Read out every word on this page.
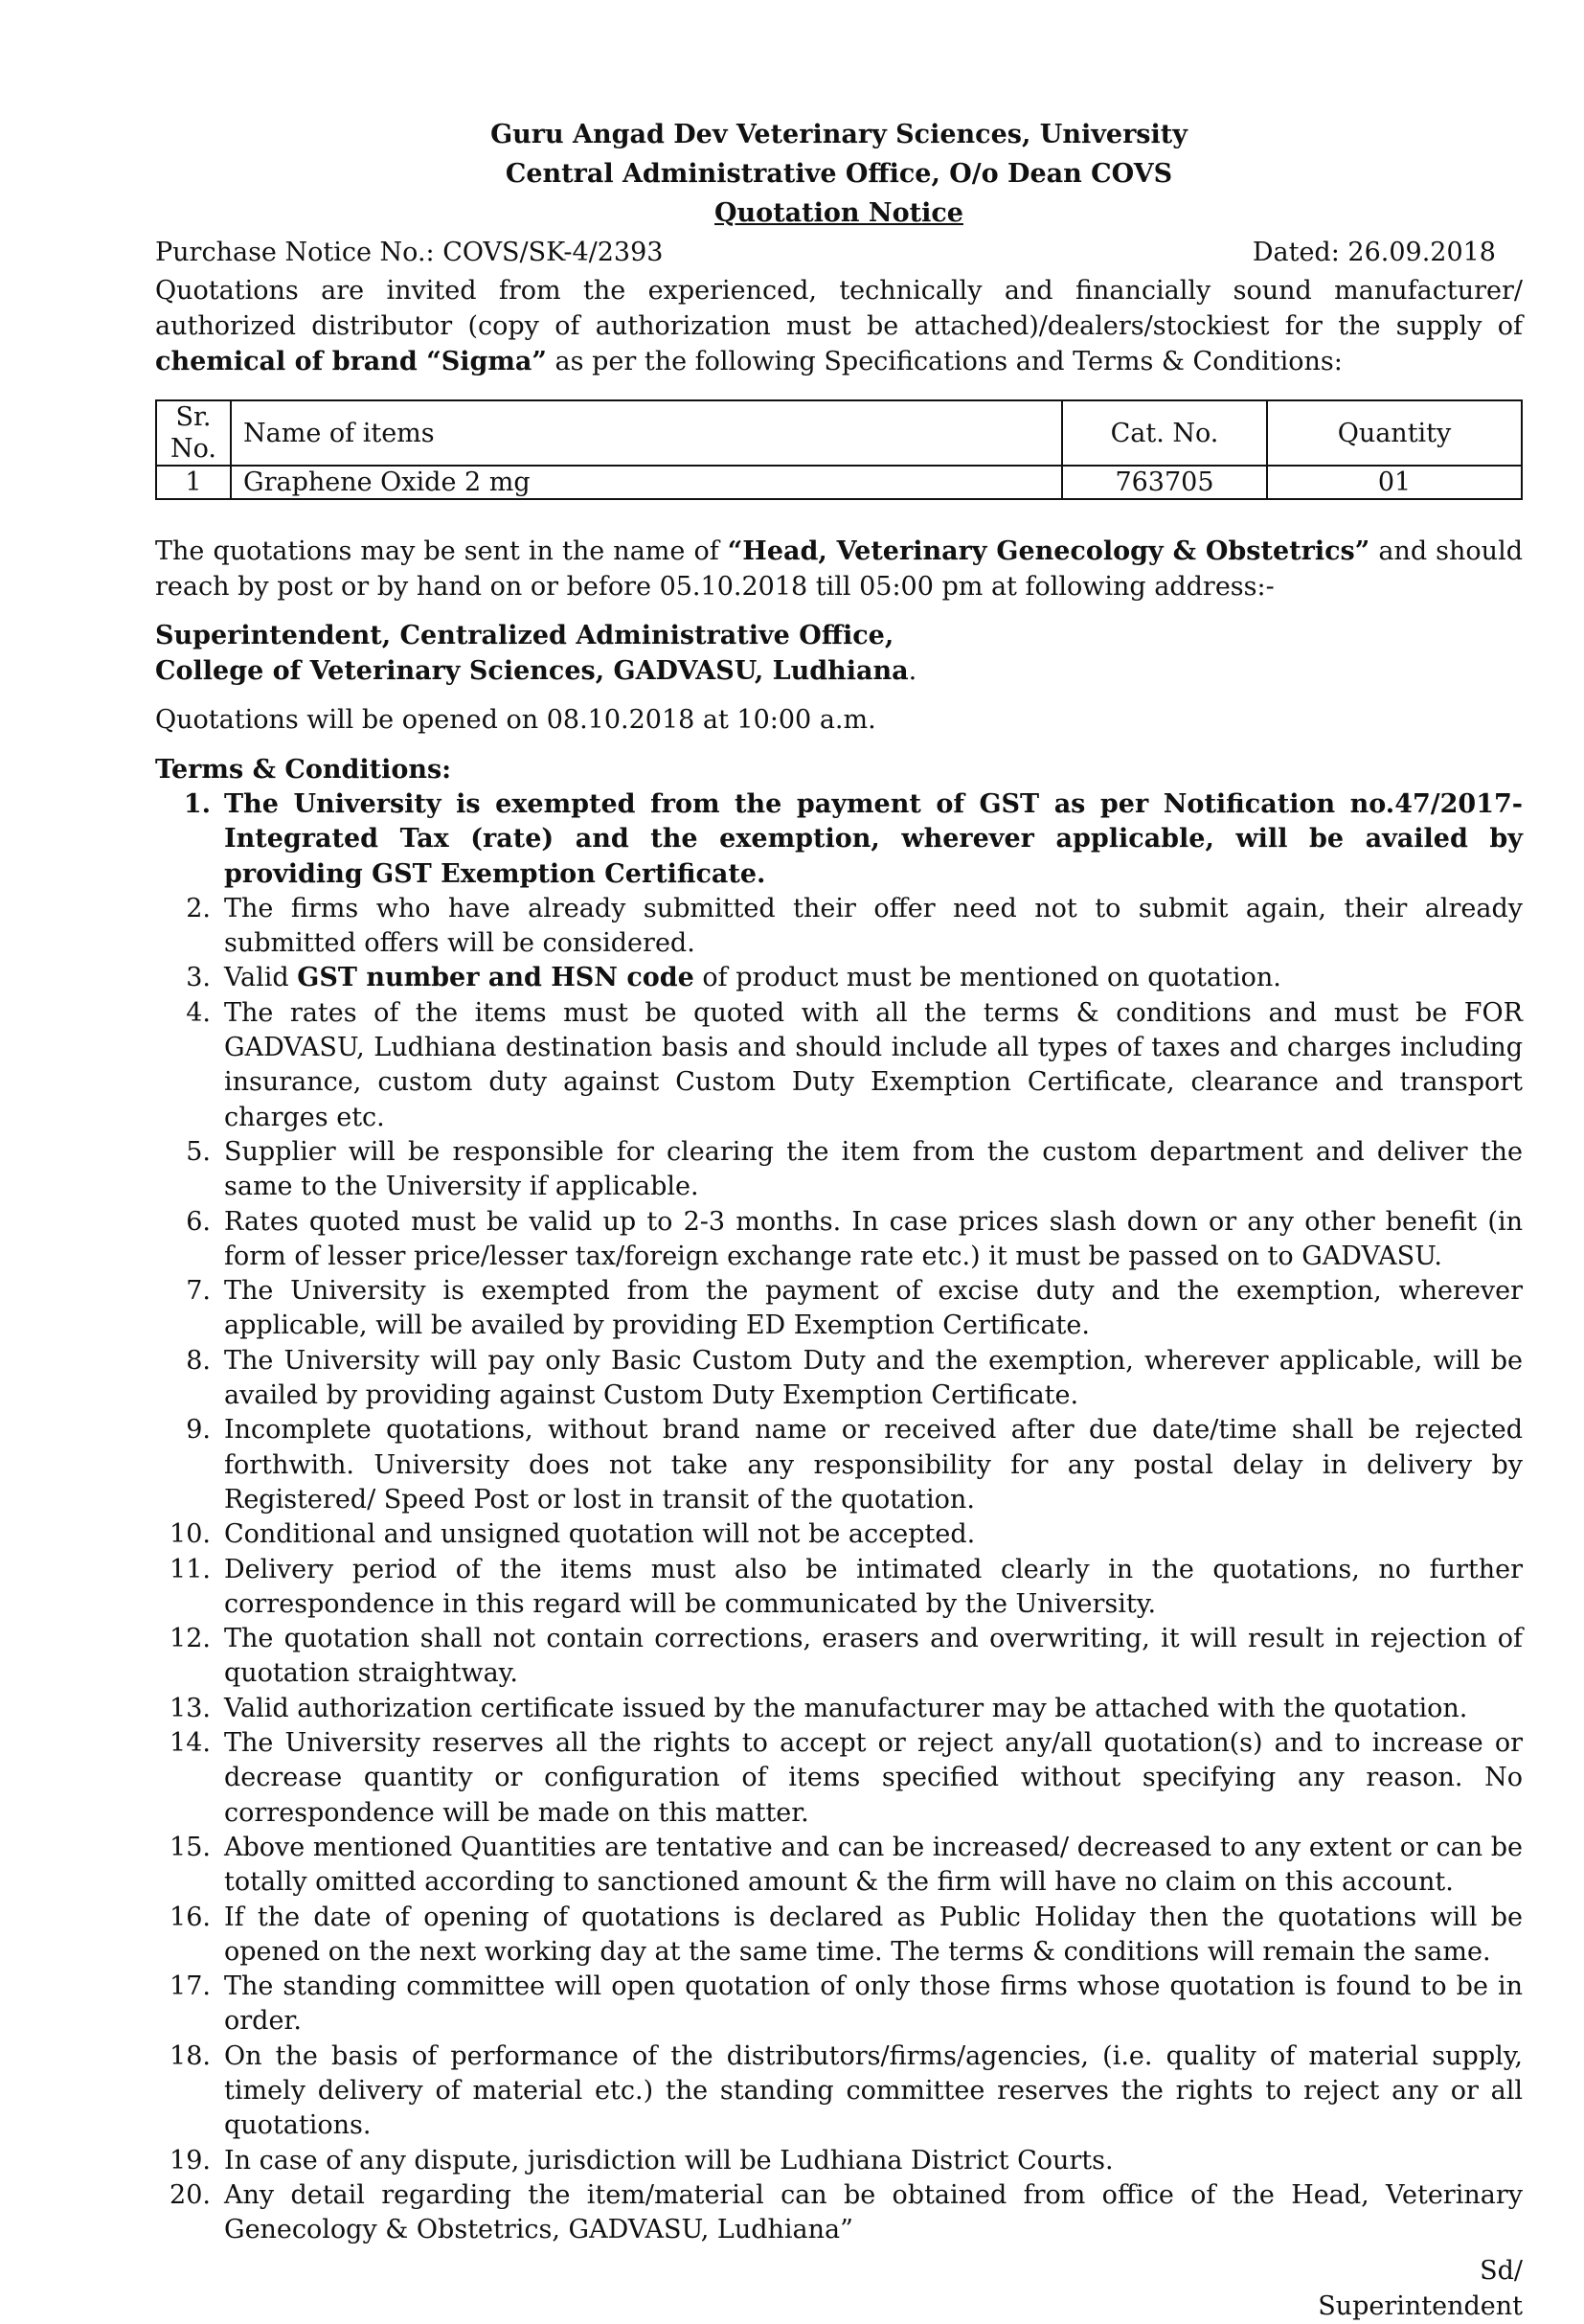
Guru Angad Dev Veterinary Sciences, University
Central Administrative Office, O/o Dean COVS
Quotation Notice
Purchase Notice No.: COVS/SK-4/2393	Dated: 26.09.2018

Quotations are invited from the experienced, technically and financially sound manufacturer/ authorized distributor (copy of authorization must be attached)/dealers/stockiest for the supply of chemical of brand “Sigma” as per the following Specifications and Terms & Conditions:

Sr. No.	Name of items	Cat. No.	Quantity
1	Graphene Oxide 2 mg	763705	01

The quotations may be sent in the name of “Head, Veterinary Genecology & Obstetrics” and should reach by post or by hand on or before 05.10.2018 till 05:00 pm at following address:-

Superintendent, Centralized Administrative Office,
College of Veterinary Sciences, GADVASU, Ludhiana.

Quotations will be opened on 08.10.2018 at 10:00 a.m.

Terms & Conditions:
1. The University is exempted from the payment of GST as per Notification no.47/2017- Integrated Tax (rate) and the exemption, wherever applicable, will be availed by providing GST Exemption Certificate.
2. The firms who have already submitted their offer need not to submit again, their already submitted offers will be considered.
3. Valid GST number and HSN code of product must be mentioned on quotation.
4. The rates of the items must be quoted with all the terms & conditions and must be FOR GADVASU, Ludhiana destination basis and should include all types of taxes and charges including insurance, custom duty against Custom Duty Exemption Certificate, clearance and transport charges etc.
5. Supplier will be responsible for clearing the item from the custom department and deliver the same to the University if applicable.
6. Rates quoted must be valid up to 2-3 months. In case prices slash down or any other benefit (in form of lesser price/lesser tax/foreign exchange rate etc.) it must be passed on to GADVASU.
7. The University is exempted from the payment of excise duty and the exemption, wherever applicable, will be availed by providing ED Exemption Certificate.
8. The University will pay only Basic Custom Duty and the exemption, wherever applicable, will be availed by providing against Custom Duty Exemption Certificate.
9. Incomplete quotations, without brand name or received after due date/time shall be rejected forthwith. University does not take any responsibility for any postal delay in delivery by Registered/ Speed Post or lost in transit of the quotation.
10. Conditional and unsigned quotation will not be accepted.
11. Delivery period of the items must also be intimated clearly in the quotations, no further correspondence in this regard will be communicated by the University.
12. The quotation shall not contain corrections, erasers and overwriting, it will result in rejection of quotation straightway.
13. Valid authorization certificate issued by the manufacturer may be attached with the quotation.
14. The University reserves all the rights to accept or reject any/all quotation(s) and to increase or decrease quantity or configuration of items specified without specifying any reason. No correspondence will be made on this matter.
15. Above mentioned Quantities are tentative and can be increased/ decreased to any extent or can be totally omitted according to sanctioned amount & the firm will have no claim on this account.
16. If the date of opening of quotations is declared as Public Holiday then the quotations will be opened on the next working day at the same time. The terms & conditions will remain the same.
17. The standing committee will open quotation of only those firms whose quotation is found to be in order.
18. On the basis of performance of the distributors/firms/agencies, (i.e. quality of material supply, timely delivery of material etc.) the standing committee reserves the rights to reject any or all quotations.
19. In case of any dispute, jurisdiction will be Ludhiana District Courts.
20. Any detail regarding the item/material can be obtained from office of the Head, Veterinary Genecology & Obstetrics, GADVASU, Ludhiana”
Sd/
Superintendent
